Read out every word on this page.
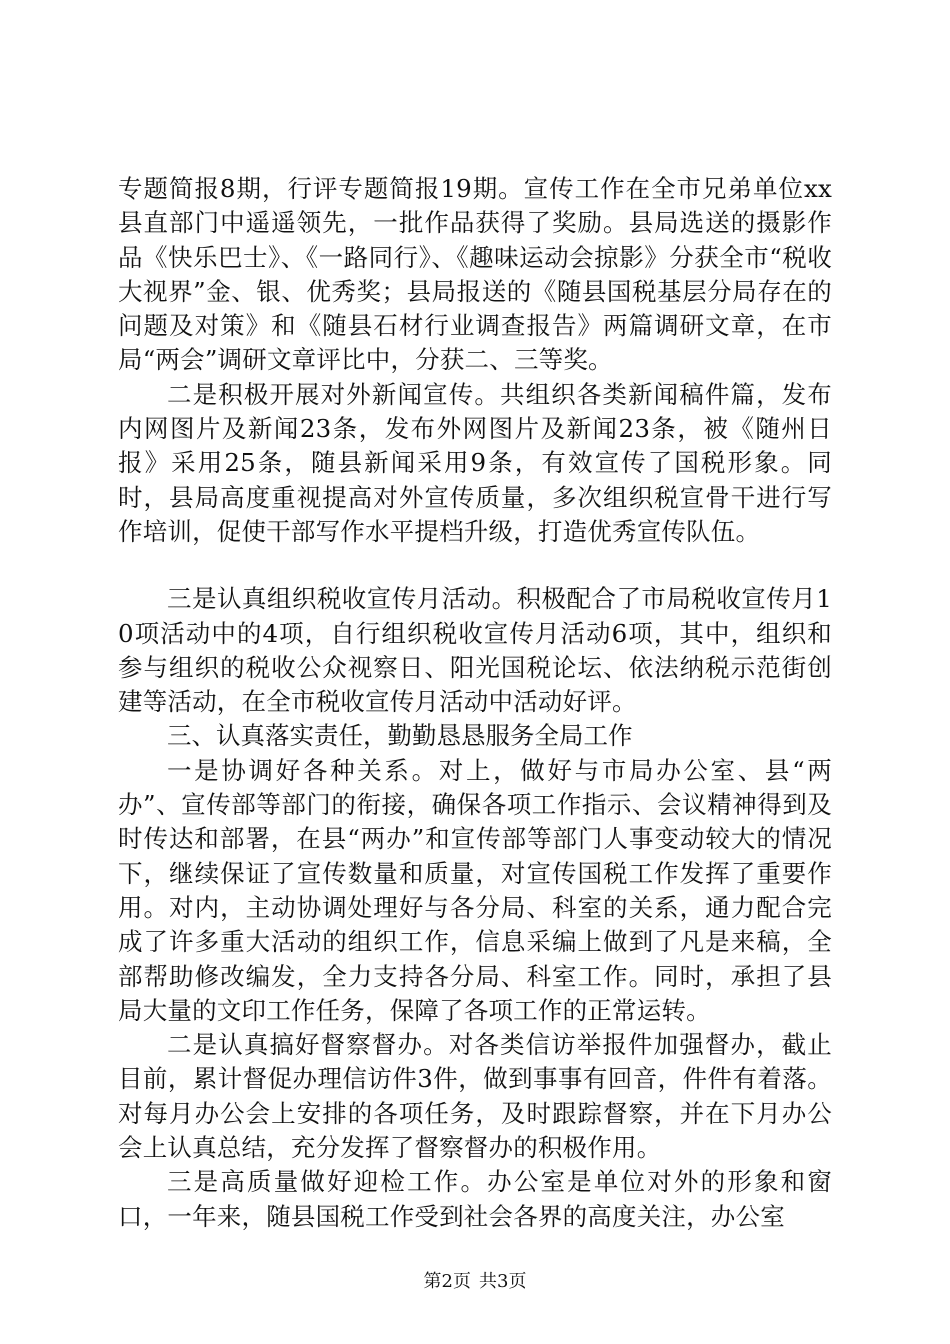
专题简报8期，行评专题简报19期。宣传工作在全市兄弟单位xx县直部门中遥遥领先，一批作品获得了奖励。县局选送的摄影作品《快乐巴士》、《一路同行》、《趣味运动会掠影》分获全市“税收大视界”金、银、优秀奖；县局报送的《随县国税基层分局存在的问题及对策》和《随县石材行业调查报告》两篇调研文章，在市局“两会”调研文章评比中，分获二、三等奖。

二是积极开展对外新闻宣传。共组织各类新闻稿件篇，发布内网图片及新闻23条，发布外网图片及新闻23条，被《随州日报》采用25条，随县新闻采用9条，有效宣传了国税形象。同时，县局高度重视提高对外宣传质量，多次组织税宣骨干进行写作培训，促使干部写作水平提档升级，打造优秀宣传队伍。

三是认真组织税收宣传月活动。积极配合了市局税收宣传月10项活动中的4项，自行组织税收宣传月活动6项，其中，组织和参与组织的税收公众视察日、阳光国税论坛、依法纳税示范街创建等活动，在全市税收宣传月活动中活动好评。

三、认真落实责任，勤勤恳恳服务全局工作

一是协调好各种关系。对上，做好与市局办公室、县“两办”、宣传部等部门的衔接，确保各项工作指示、会议精神得到及时传达和部署，在县“两办”和宣传部等部门人事变动较大的情况下，继续保证了宣传数量和质量，对宣传国税工作发挥了重要作用。对内，主动协调处理好与各分局、科室的关系，通力配合完成了许多重大活动的组织工作，信息采编上做到了凡是来稿，全部帮助修改编发，全力支持各分局、科室工作。同时，承担了县局大量的文印工作任务，保障了各项工作的正常运转。

二是认真搞好督察督办。对各类信访举报件加强督办，截止目前，累计督促办理信访件3件，做到事事有回音，件件有着落。对每月办公会上安排的各项任务，及时跟踪督察，并在下月办公会上认真总结，充分发挥了督察督办的积极作用。

三是高质量做好迎检工作。办公室是单位对外的形象和窗口，一年来，随县国税工作受到社会各界的高度关注，办公室

第2页 共3页
